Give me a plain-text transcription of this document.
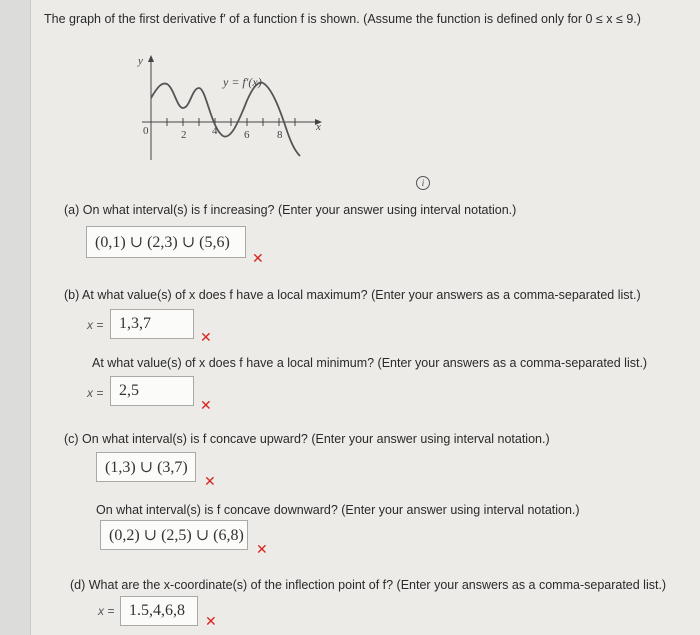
The graph of the first derivative f′ of a function f is shown. (Assume the function is defined only for 0 ≤ x ≤ 9.)
y
x
y = f′(x)
0	2 4 6	8
i
(a) On what interval(s) is f increasing? (Enter your answer using interval notation.)
(0,1) ∪ (2,3) ∪ (5,6)
✕
(b) At what value(s) of x does f have a local maximum? (Enter your answers as a comma-separated list.)
x = 1,3,7
✕
At what value(s) of x does f have a local minimum? (Enter your answers as a comma-separated list.)
x = 2,5
✕
(c) On what interval(s) is f concave upward? (Enter your answer using interval notation.)
(1,3) ∪ (3,7)
✕
On what interval(s) is f concave downward? (Enter your answer using interval notation.)
(0,2) ∪ (2,5) ∪ (6,8)
✕
(d) What are the x-coordinate(s) of the inflection point of f? (Enter your answers as a comma-separated list.)
x = 1.5,4,6,8
✕
